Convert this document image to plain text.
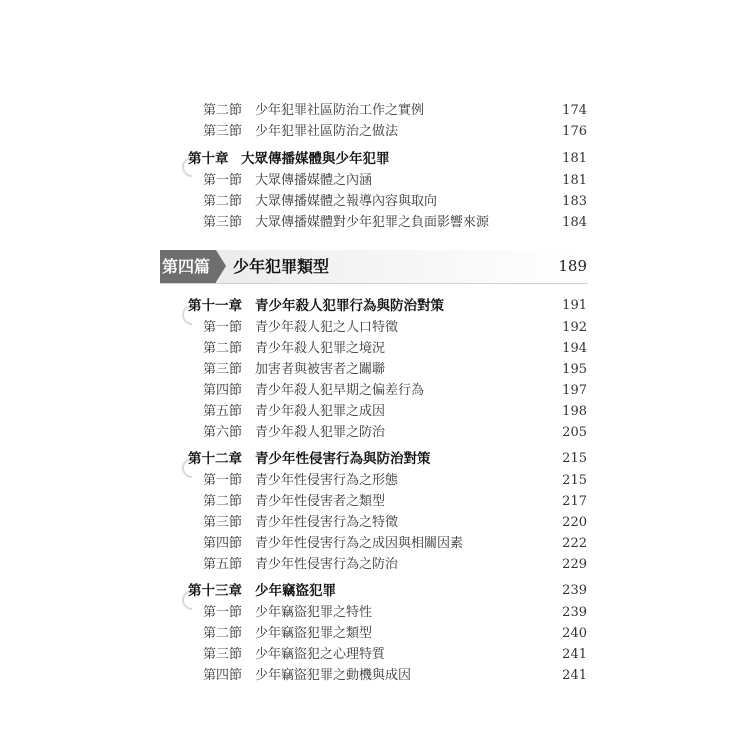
第二節 少年犯罪社區防治工作之實例	174
第三節 少年犯罪社區防治之做法	176
第十章 大眾傳播媒體與少年犯罪	181
第一節 大眾傳播媒體之內涵	181
第二節 大眾傳播媒體之報導內容與取向	183
第三節 大眾傳播媒體對少年犯罪之負面影響來源	184
第四篇 少年犯罪類型	189
第十一章 青少年殺人犯罪行為與防治對策	191
第一節 青少年殺人犯之人口特徵	192
第二節 青少年殺人犯罪之境況	194
第三節 加害者與被害者之關聯	195
第四節 青少年殺人犯早期之偏差行為	197
第五節 青少年殺人犯罪之成因	198
第六節 青少年殺人犯罪之防治	205
第十二章 青少年性侵害行為與防治對策	215
第一節 青少年性侵害行為之形態	215
第二節 青少年性侵害者之類型	217
第三節 青少年性侵害行為之特徵	220
第四節 青少年性侵害行為之成因與相關因素	222
第五節 青少年性侵害行為之防治	229
第十三章 少年竊盜犯罪	239
第一節 少年竊盜犯罪之特性	239
第二節 少年竊盜犯罪之類型	240
第三節 少年竊盜犯之心理特質	241
第四節 少年竊盜犯罪之動機與成因	241
